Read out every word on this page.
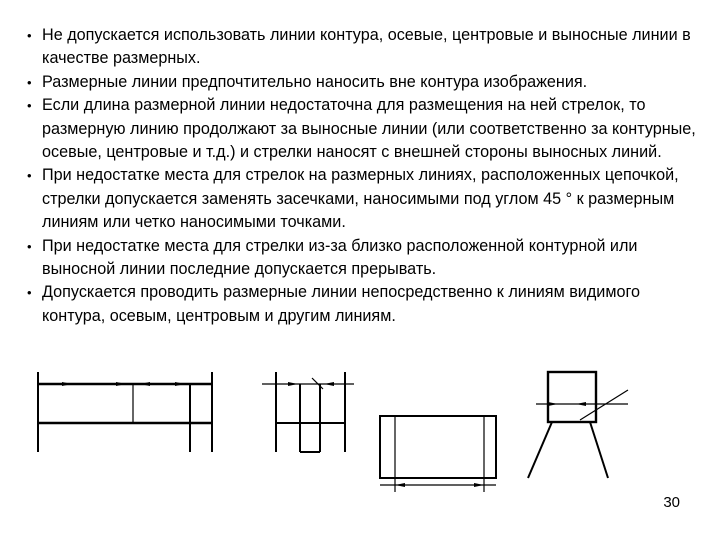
• Не допускается использовать линии контура, осевые, центровые и выносные линии в качестве размерных.
• Размерные линии предпочтительно наносить вне контура изображения.
• Если длина размерной линии недостаточна для размещения на ней стрелок, то размерную линию продолжают за выносные линии (или соответственно за контурные, осевые, центровые и т.д.) и стрелки наносят с внешней стороны выносных линий.
• При недостатке места для стрелок на размерных линиях, расположенных цепочкой, стрелки допускается заменять засечками, наносимыми под углом 45 ° к размерным линиям или четко наносимыми точками.
• При недостатке места для стрелки из-за близко расположенной контурной или выносной линии последние допускается прерывать.
• Допускается проводить размерные линии непосредственно к линиям видимого контура, осевым, центровым и другим линиям.
30
